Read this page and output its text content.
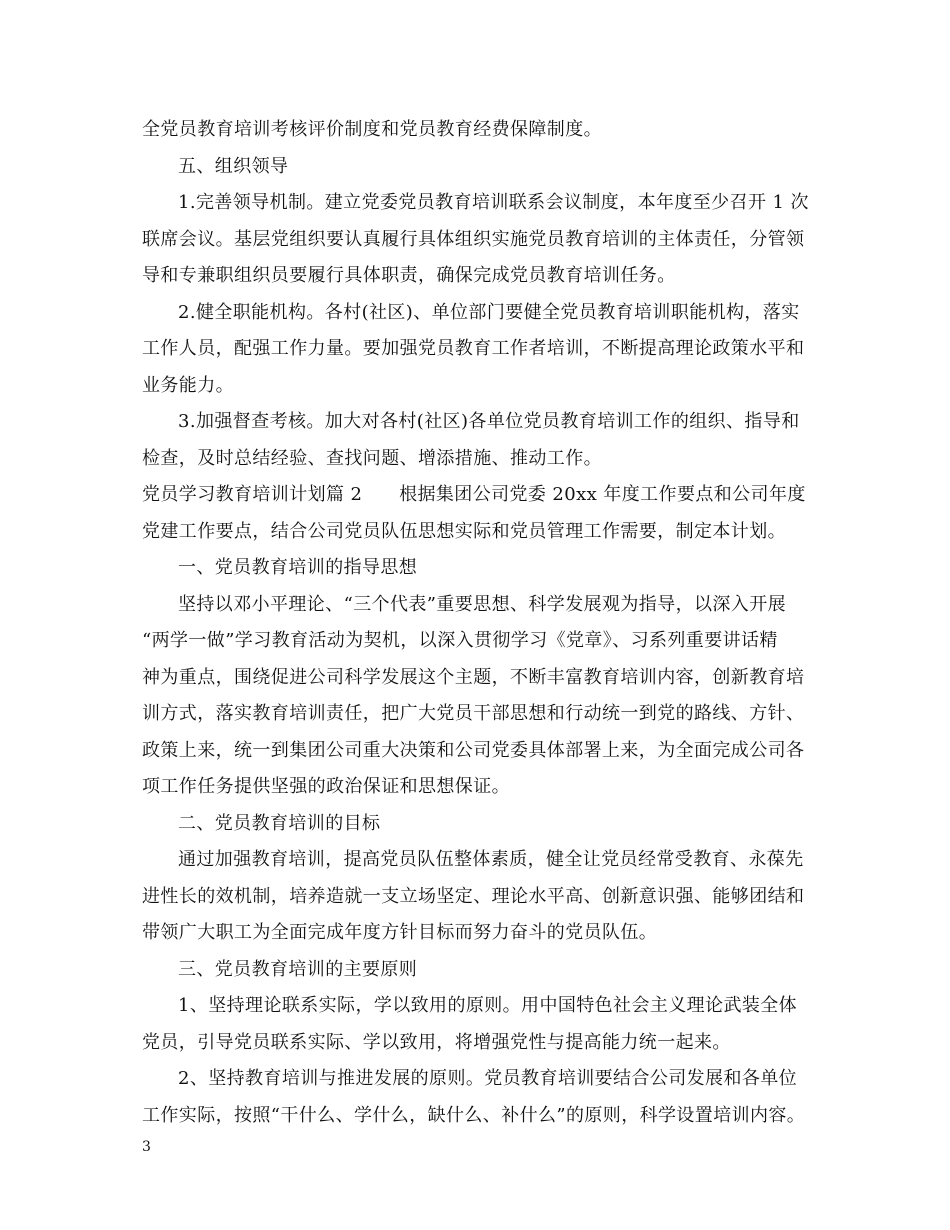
全党员教育培训考核评价制度和党员教育经费保障制度。
五、组织领导
1.完善领导机制。建立党委党员教育培训联系会议制度，本年度至少召开 1 次
联席会议。基层党组织要认真履行具体组织实施党员教育培训的主体责任，分管领
导和专兼职组织员要履行具体职责，确保完成党员教育培训任务。
2.健全职能机构。各村(社区)、单位部门要健全党员教育培训职能机构，落实
工作人员，配强工作力量。要加强党员教育工作者培训，不断提高理论政策水平和
业务能力。
3.加强督查考核。加大对各村(社区)各单位党员教育培训工作的组织、指导和
检查，及时总结经验、查找问题、增添措施、推动工作。
党员学习教育培训计划篇 2      根据集团公司党委 20xx 年度工作要点和公司年度
党建工作要点，结合公司党员队伍思想实际和党员管理工作需要，制定本计划。
一、党员教育培训的指导思想
坚持以邓小平理论、“三个代表”重要思想、科学发展观为指导，以深入开展
“两学一做”学习教育活动为契机，以深入贯彻学习《党章》、习系列重要讲话精
神为重点，围绕促进公司科学发展这个主题，不断丰富教育培训内容，创新教育培
训方式，落实教育培训责任，把广大党员干部思想和行动统一到党的路线、方针、
政策上来，统一到集团公司重大决策和公司党委具体部署上来，为全面完成公司各
项工作任务提供坚强的政治保证和思想保证。
二、党员教育培训的目标
通过加强教育培训，提高党员队伍整体素质，健全让党员经常受教育、永葆先
进性长的效机制，培养造就一支立场坚定、理论水平高、创新意识强、能够团结和
带领广大职工为全面完成年度方针目标而努力奋斗的党员队伍。
三、党员教育培训的主要原则
1、坚持理论联系实际，学以致用的原则。用中国特色社会主义理论武装全体
党员，引导党员联系实际、学以致用，将增强党性与提高能力统一起来。
2、坚持教育培训与推进发展的原则。党员教育培训要结合公司发展和各单位
工作实际，按照“干什么、学什么，缺什么、补什么”的原则，科学设置培训内容。
3
